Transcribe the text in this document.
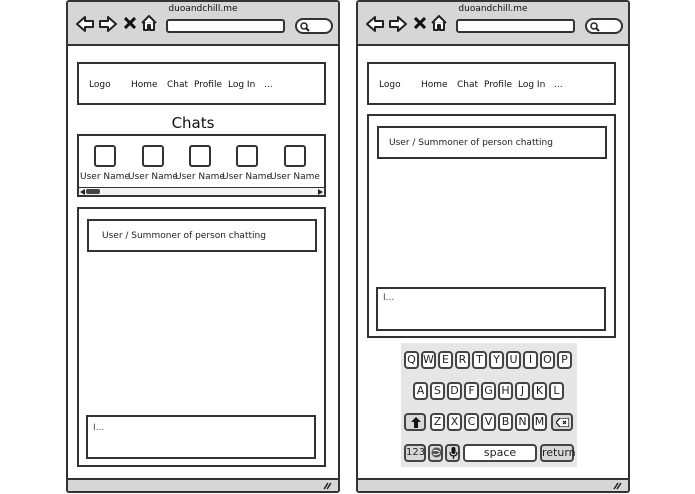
duoandchill.me
Logo Home Chat Profile Log In ...
Chats
User Name
User Name
User Name
User Name
User Name
User / Summoner of person chatting
I...
duoandchill.me
Logo Home Chat Profile Log In ...
User / Summoner of person chatting
I...
Q W E R T Y U	I	O P
A S D F G H	J	K L
Z X C V B N M
123	space	return
